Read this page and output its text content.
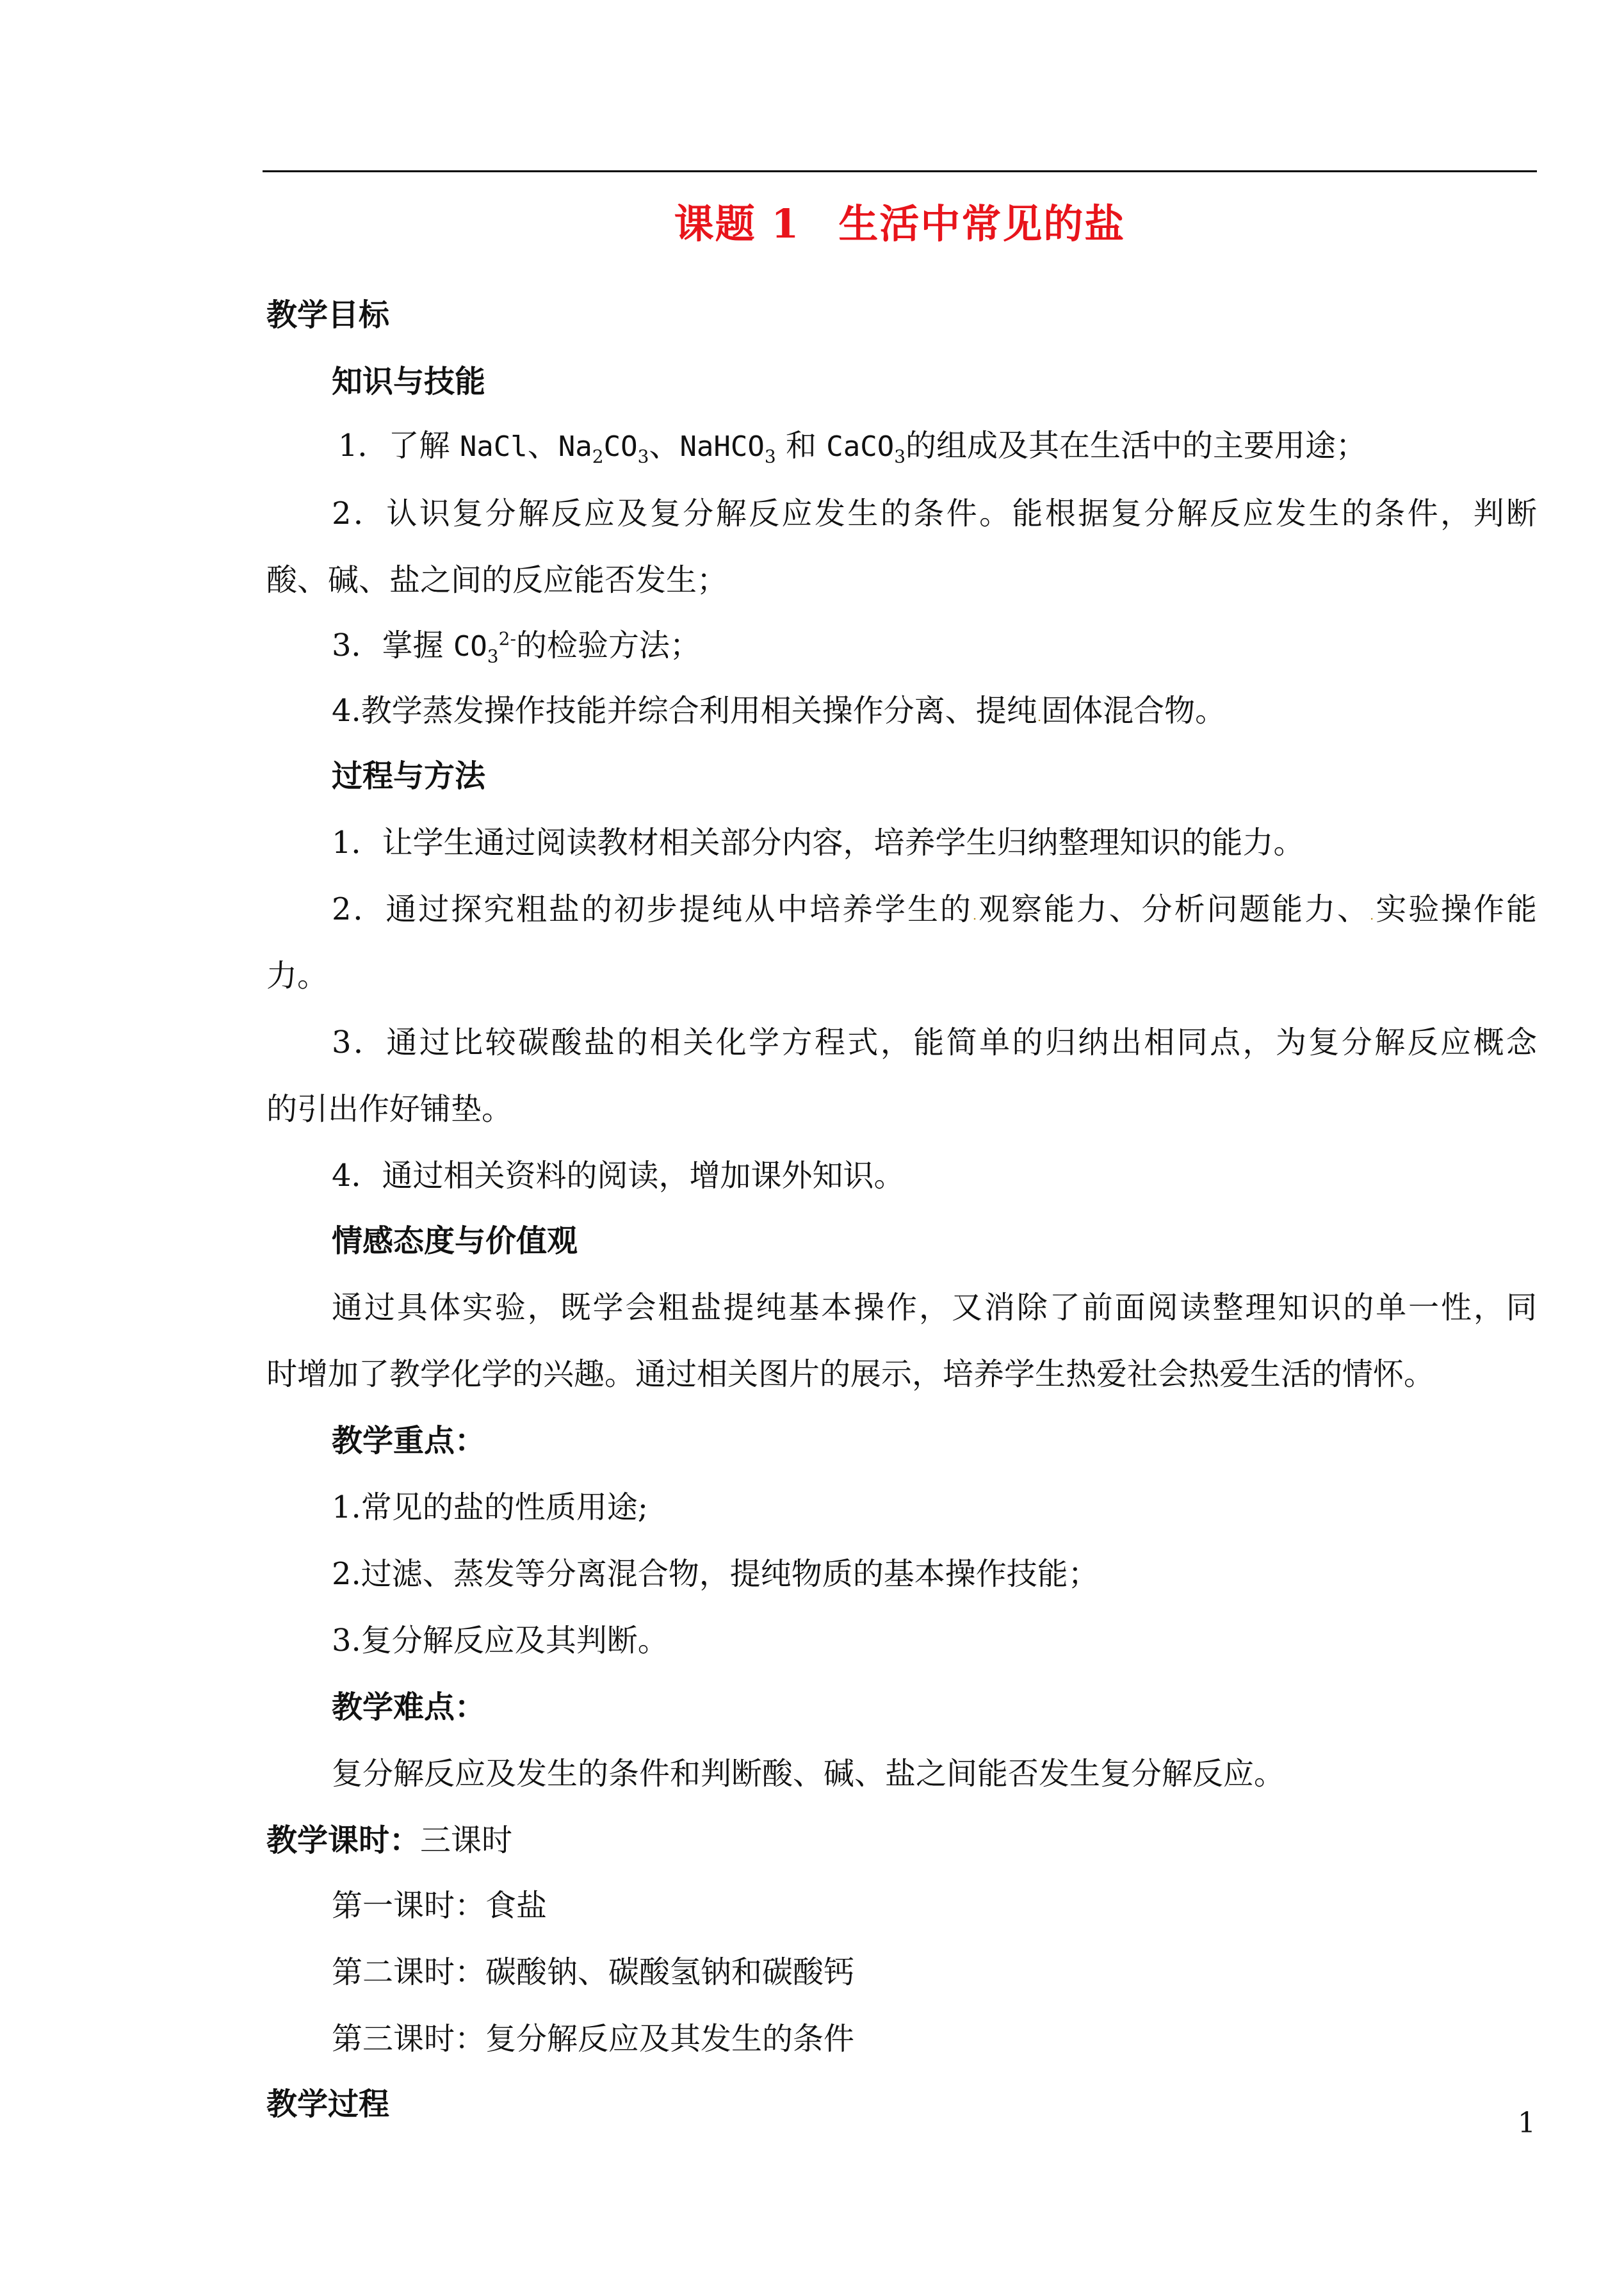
课题 1 生活中常见的盐
教学目标
知识与技能
1．了解 NaCl、$Na_2CO_3$、NaHCO$_3$ 和 CaCO$_3$的组成及其在生活中的主要用途；
2．认识复分解反应及复分解反应发生的条件。能根据复分解反应发生的条件，判断
酸、碱、盐之间的反应能否发生；
3．掌握 $CO_3^{2-}$的检验方法；
4.教学蒸发操作技能并综合利用相关操作分离、提纯.固体混合物。
过程与方法
1．让学生通过阅读教材相关部分内容，培养学生归纳整理知识的能力。
2．通过探究粗盐的初步提纯从中培养学生的.观察能力、分析问题能力、.实验操作能
力。
3．通过比较碳酸盐的相关化学方程式，能简单的归纳出相同点，为复分解反应概念
的引出作好铺垫。
4．通过相关资料的阅读，增加课外知识。
情感态度与价值观
通过具体实验，既学会粗盐提纯基本操作，又消除了前面阅读整理知识的单一性，同
时增加了教学化学的兴趣。通过相关图片的展示，培养学生热爱社会热爱生活的情怀。
教学重点：
1.常见的盐的性质用途;
2.过滤、蒸发等分离混合物，提纯物质的基本操作技能；
3.复分解反应及其判断。
教学难点：
复分解反应及发生的条件和判断酸、碱、盐之间能否发生复分解反应。
教学课时：三课时
第一课时：食盐
第二课时：碳酸钠、碳酸氢钠和碳酸钙
第三课时：复分解反应及其发生的条件
教学过程
1
